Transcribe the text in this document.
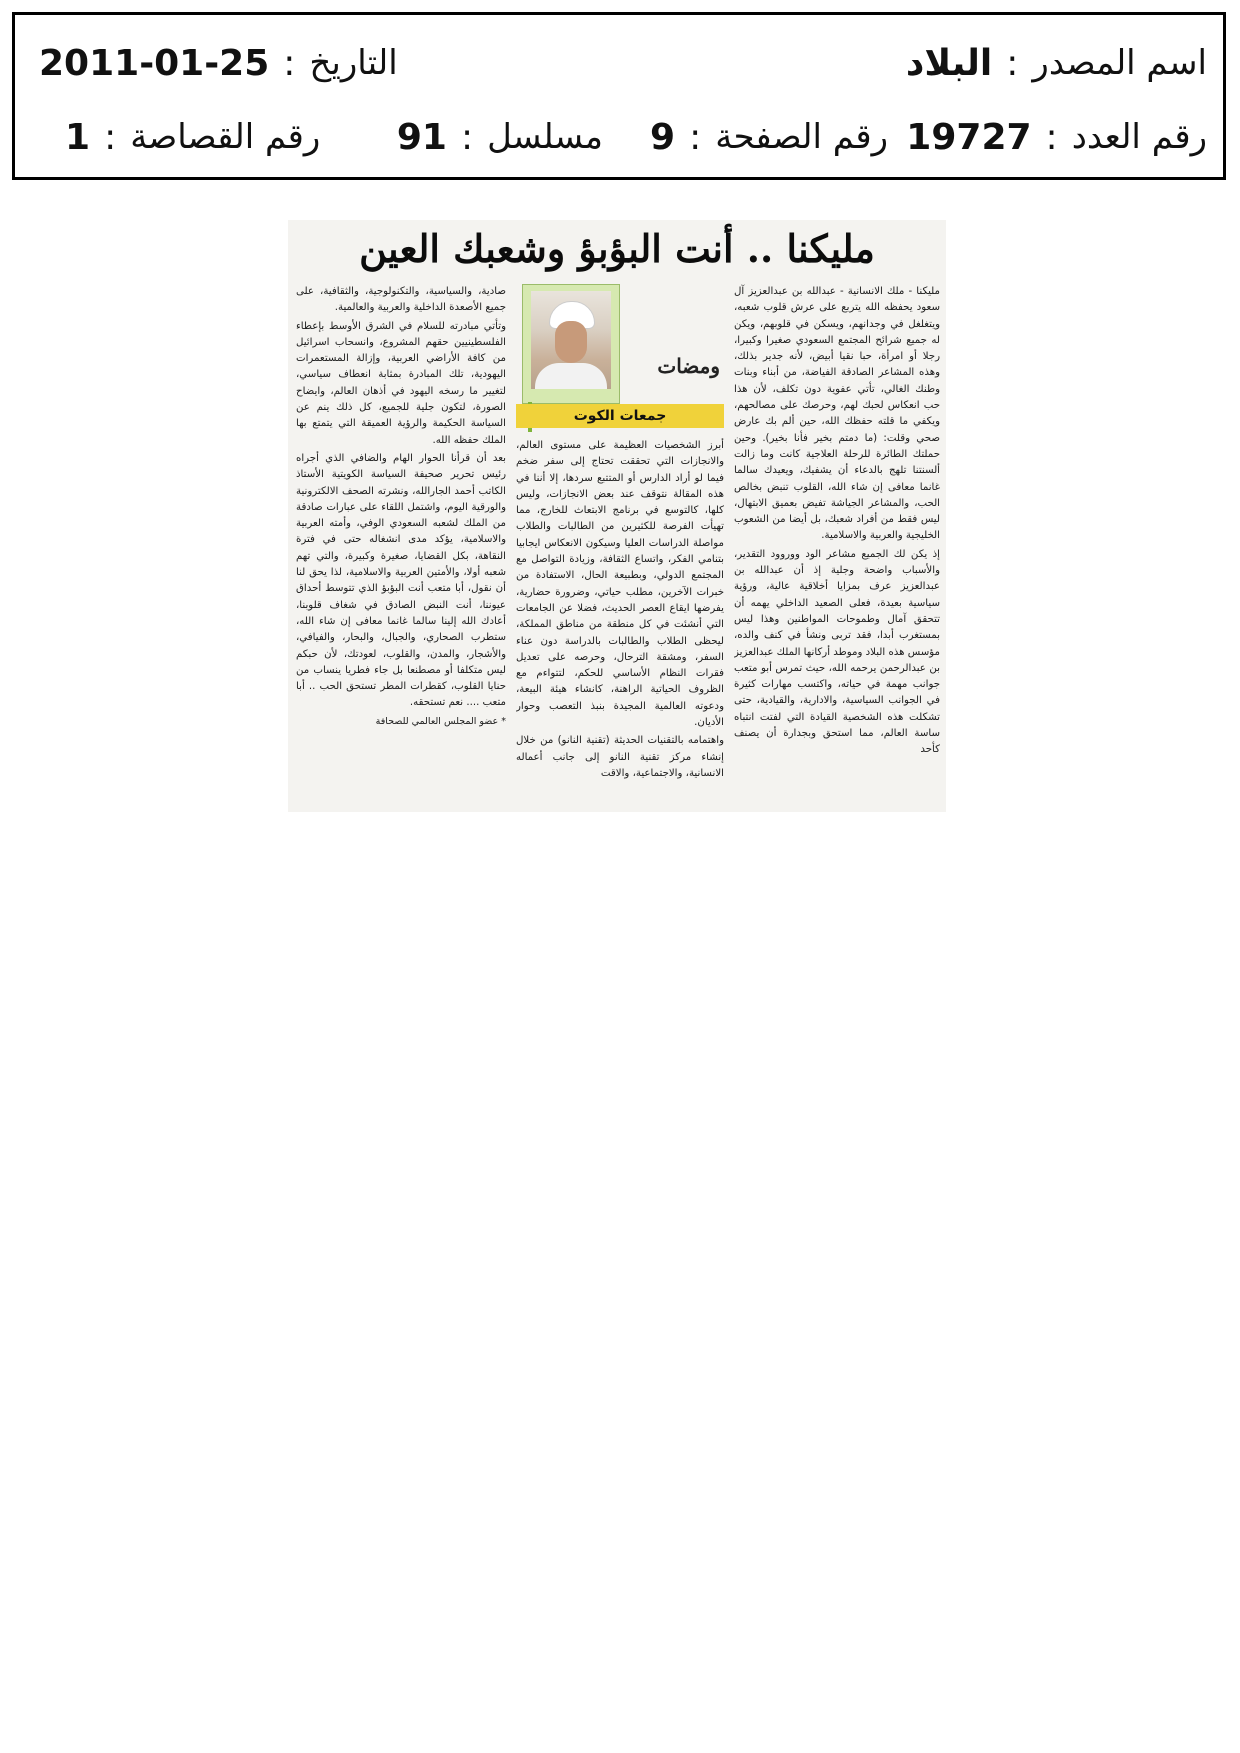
اسم المصدر
:
البلاد
التاريخ
:
2011-01-25
رقم العدد
:
19727
رقم الصفحة
:
9
مسلسل
:
91
رقم القصاصة
:
1
مليكنا .. أنت البؤبؤ وشعبك العين

مليكنا - ملك الانسانية - عبدالله بن عبدالعزيز آل سعود يحفظه الله يتربع على عرش قلوب شعبه، ويتغلغل في وجدانهم، ويسكن في قلوبهم، ويكن له جميع شرائح المجتمع السعودي صغيرا وكبيرا، رجلا أو امرأة، حبا نقيا أبيض، لأنه جدير بذلك، وهذه المشاعر الصادقة الفياضة، من أبناء وبنات وطنك الغالي، تأتي عفوية دون تكلف، لأن هذا حب انعكاس لحبك لهم، وحرصك على مصالحهم، ويكفي ما قلته حفظك الله، حين ألم بك عارض صحي وقلت: (ما دمتم بخير فأنا بخير). وحين حملتك الطائرة للرحلة العلاجية كانت وما زالت ألسنتنا تلهج بالدعاء أن يشفيك، ويعيدك سالما غانما معافى إن شاء الله، القلوب تنبض بخالص الحب، والمشاعر الجياشة تفيض بعميق الابتهال، ليس فقط من أفراد شعبك، بل أيضا من الشعوب الخليجية والعربية والاسلامية.

إذ يكن لك الجميع مشاعر الود ووروود التقدير، والأسباب واضحة وجلية إذ أن عبدالله بن عبدالعزيز عرف بمزايا أخلاقية عالية، ورؤية سياسية بعيدة، فعلى الصعيد الداخلي يهمه أن تتحقق آمال وطموحات المواطنين وهذا ليس بمستغرب أبدا، فقد تربى ونشأ في كنف والده، مؤسس هذه البلاد وموطد أركانها الملك عبدالعزيز بن عبدالرحمن يرحمه الله، حيث تمرس أبو متعب جوانب مهمة في حياته، واكتسب مهارات كثيرة في الجوانب السياسية، والادارية، والقيادية، حتى تشكلت هذه الشخصية القيادة التي لفتت انتباه ساسة العالم، مما استحق وبجدارة أن يصنف كأحد

ومضات
جمعات الكوت

أبرز الشخصيات العظيمة على مستوى العالم، والانجازات التي تحققت تحتاج إلى سفر ضخم فيما لو أراد الدارس أو المتتبع سردها، إلا أننا في هذه المقالة نتوقف عند بعض الانجازات، وليس كلها، كالتوسع في برنامج الابتعاث للخارج، مما تهيأت الفرصة للكثيرين من الطالبات والطلاب مواصلة الدراسات العليا وسيكون الانعكاس ايجابيا بتنامي الفكر، واتساع الثقافة، وزيادة التواصل مع المجتمع الدولي، وبطبيعة الحال، الاستفادة من خبرات الآخرين، مطلب حياتي، وضرورة حضارية، يفرضها ايقاع العصر الحديث، فضلا عن الجامعات التي أنشئت في كل منطقة من مناطق المملكة، ليحظى الطلاب والطالبات بالدراسة دون عناء السفر، ومشقة الترحال، وحرصه على تعديل فقرات النظام الأساسي للحكم، لتتواءم مع الظروف الحياتية الراهنة، كانشاء هيئة البيعة، ودعوته العالمية المجيدة بنبذ التعصب وحوار الأديان.

واهتمامه بالتقنيات الحديثة (تقنية النانو) من خلال إنشاء مركز تقنية النانو إلى جانب أعماله الانسانية، والاجتماعية، والاقت

صادية، والسياسية، والتكنولوجية، والثقافية، على جميع الأصعدة الداخلية والعربية والعالمية.

وتأتي مبادرته للسلام في الشرق الأوسط بإعطاء الفلسطينيين حقهم المشروع، وانسحاب اسرائيل من كافة الأراضي العربية، وإزالة المستعمرات اليهودية، تلك المبادرة بمثابة انعطاف سياسي، لتغيير ما رسخه اليهود في أذهان العالم، وايضاح الصورة، لتكون جلية للجميع، كل ذلك ينم عن السياسة الحكيمة والرؤية العميقة التي يتمتع بها الملك حفظه الله.

بعد أن قرأنا الحوار الهام والضافي الذي أجراه رئيس تحرير صحيفة السياسة الكويتية الأستاذ الكاتب أحمد الجارالله، ونشرته الصحف الالكترونية والورقية اليوم، واشتمل اللقاء على عبارات صادقة من الملك لشعبه السعودي الوفي، وأمته العربية والاسلامية، يؤكد مدى انشغاله حتى في فترة النقاهة، بكل القضايا، صغيرة وكبيرة، والتي تهم شعبه أولا، والأمتين العربية والاسلامية، لذا يحق لنا أن نقول، أبا متعب أنت البؤبؤ الذي تتوسط أحداق عيوننا، أنت النبض الصادق في شغاف قلوبنا، أعادك الله إلينا سالما غانما معافى إن شاء الله، ستطرب الصحاري، والجبال، والبحار، والفيافي، والأشجار، والمدن، والقلوب، لعودتك، لأن حبكم ليس متكلفا أو مصطنعا بل جاء فطريا ينساب من حنايا القلوب، كقطرات المطر تستحق الحب .. أبا متعب .... نعم تستحقه.

* عضو المجلس العالمي للصحافة
